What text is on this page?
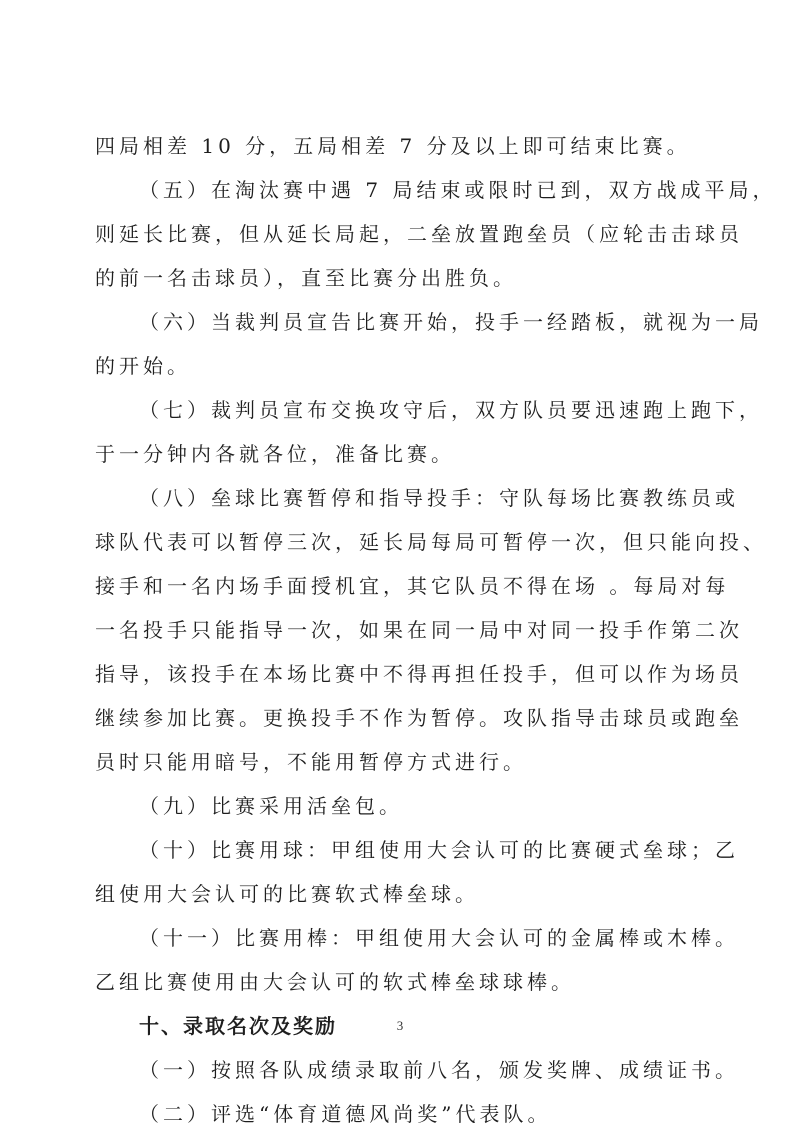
四局相差 10 分，五局相差 7 分及以上即可结束比赛。
（五）在淘汰赛中遇 7 局结束或限时已到，双方战成平局，
则延长比赛，但从延长局起，二垒放置跑垒员（应轮击击球员
的前一名击球员），直至比赛分出胜负。
（六）当裁判员宣告比赛开始，投手一经踏板，就视为一局
的开始。
（七）裁判员宣布交换攻守后，双方队员要迅速跑上跑下，
于一分钟内各就各位，准备比赛。
（八）垒球比赛暂停和指导投手：守队每场比赛教练员或
球队代表可以暂停三次，延长局每局可暂停一次，但只能向投、
接手和一名内场手面授机宜，其它队员不得在场 。每局对每
一名投手只能指导一次，如果在同一局中对同一投手作第二次
指导，该投手在本场比赛中不得再担任投手，但可以作为场员
继续参加比赛。更换投手不作为暂停。攻队指导击球员或跑垒
员时只能用暗号，不能用暂停方式进行。
（九）比赛采用活垒包。
（十）比赛用球：甲组使用大会认可的比赛硬式垒球；乙
组使用大会认可的比赛软式棒垒球。
（十一）比赛用棒：甲组使用大会认可的金属棒或木棒。
乙组比赛使用由大会认可的软式棒垒球球棒。
十、录取名次及奖励
（一）按照各队成绩录取前八名，颁发奖牌、成绩证书。
（二）评选“体育道德风尚奖”代表队。
3
